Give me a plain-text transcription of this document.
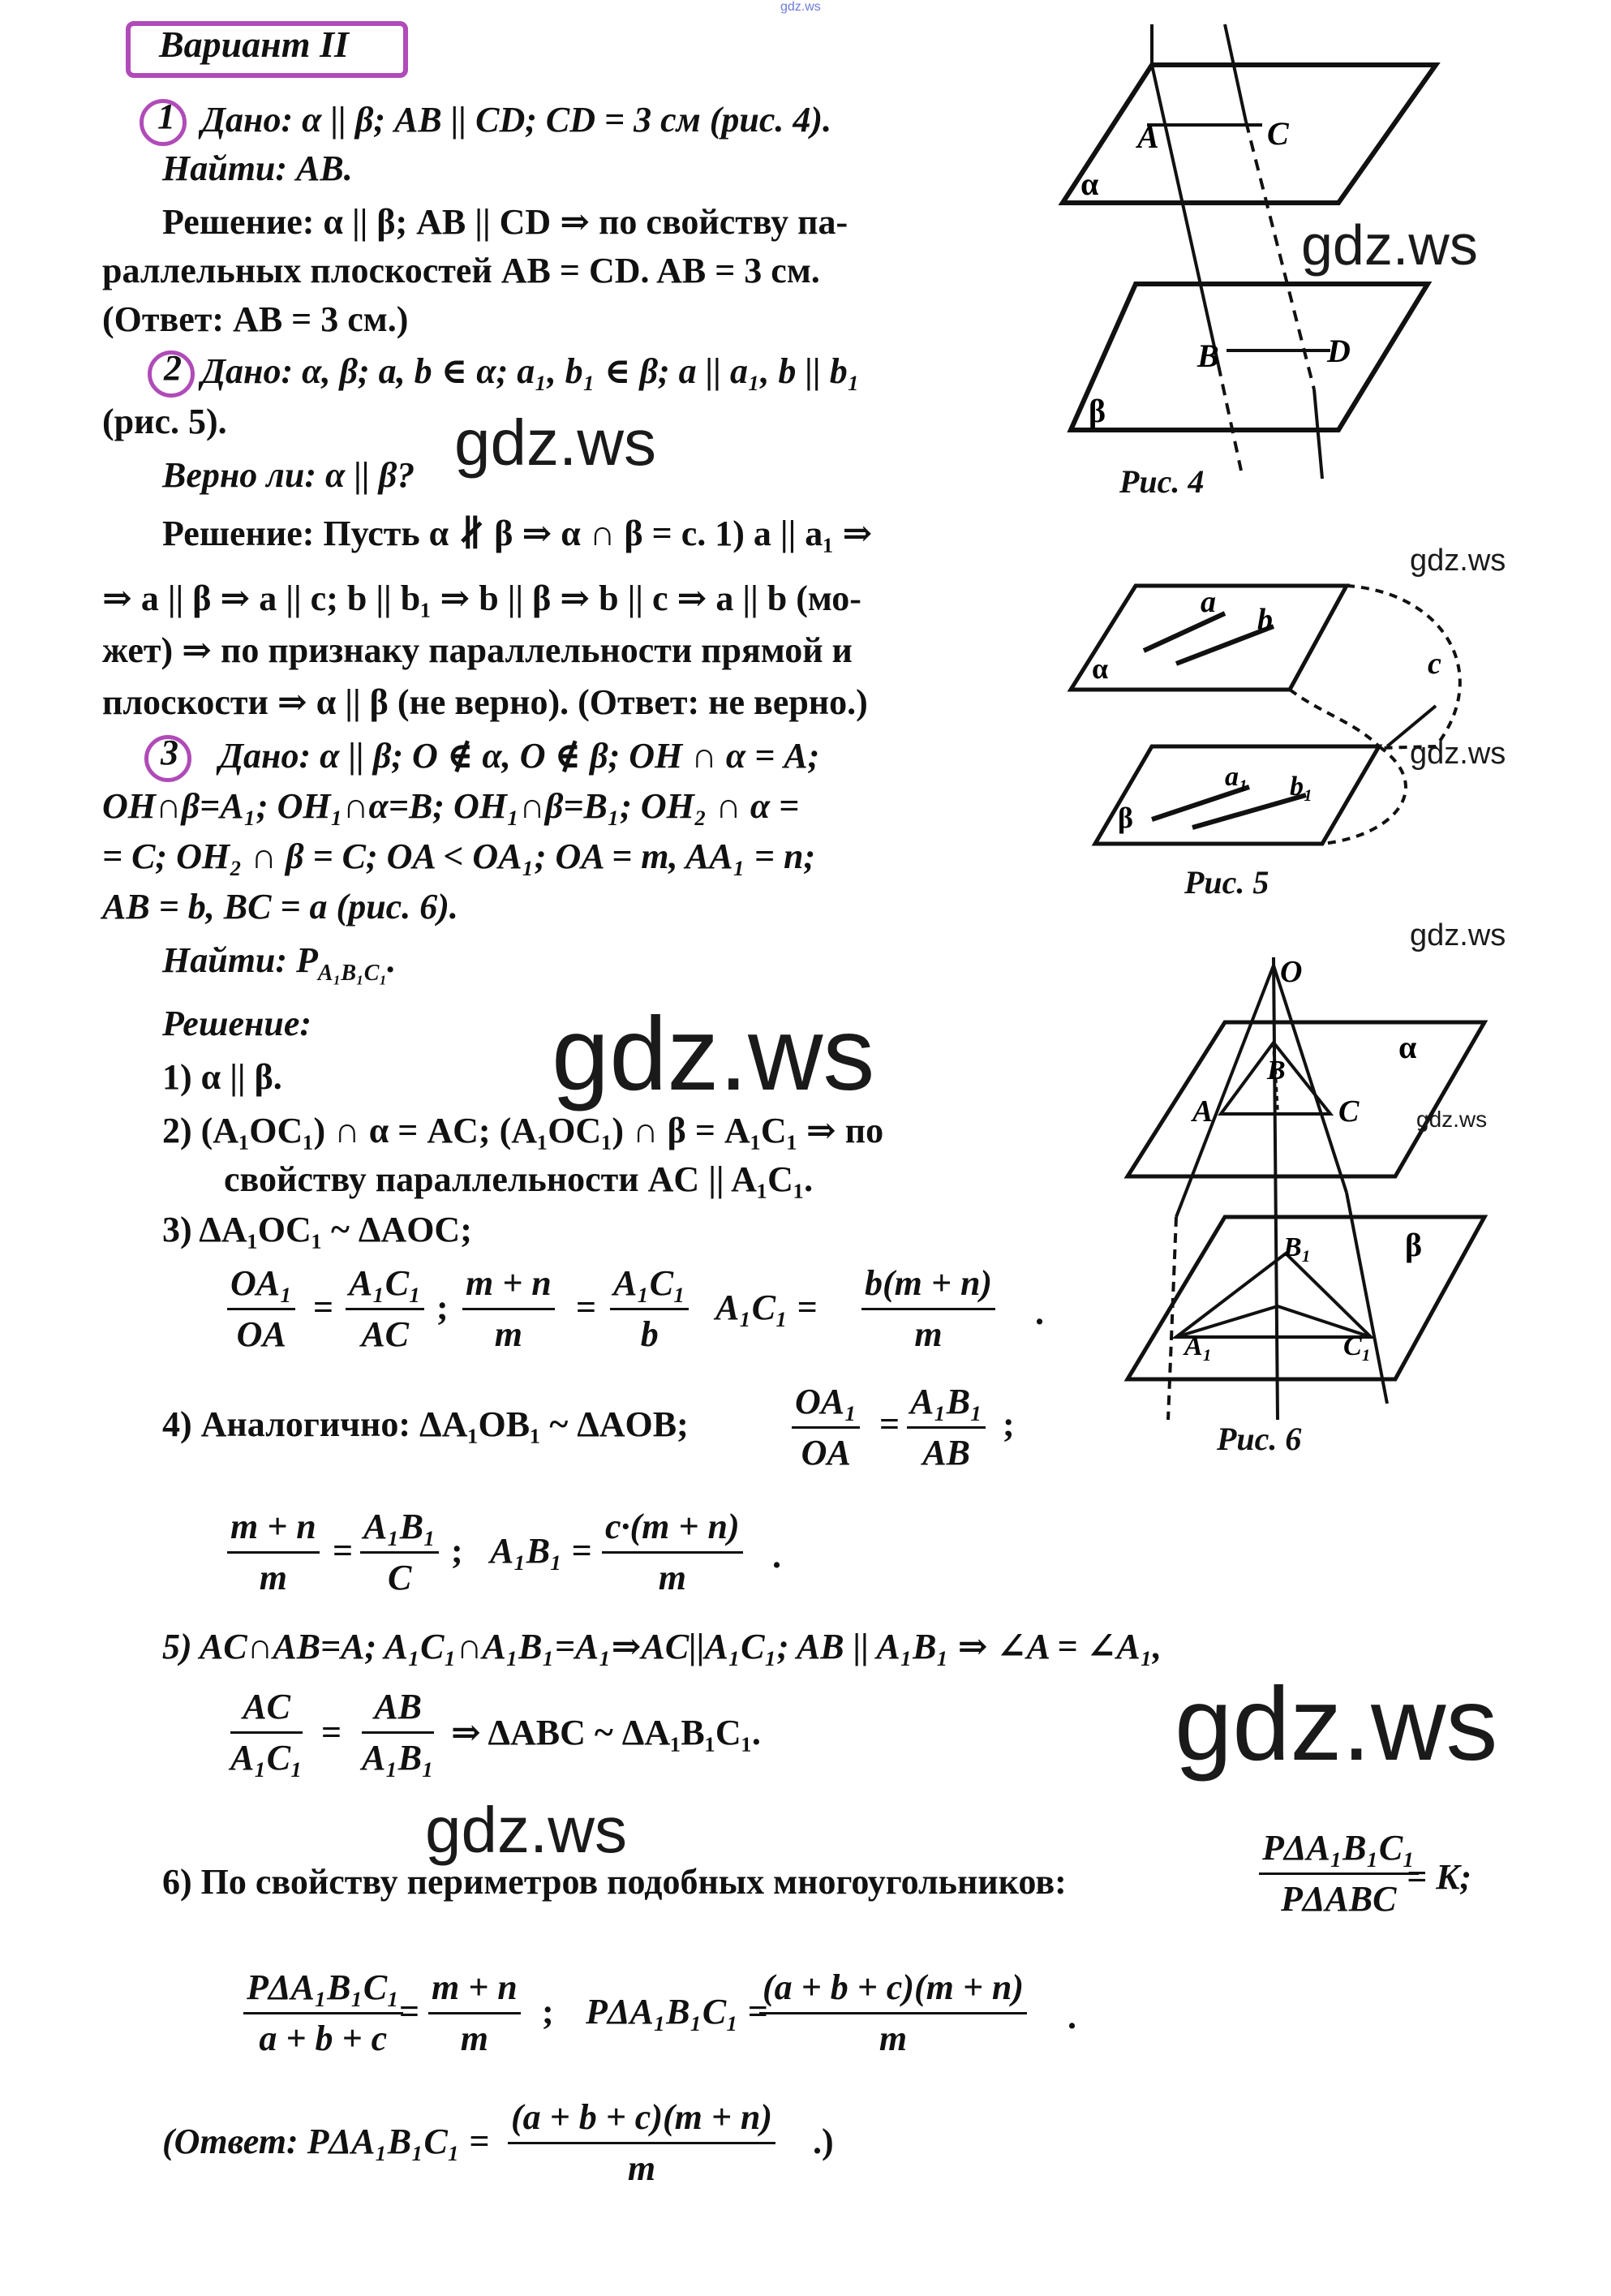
gdz.ws
Вариант II
1 Дано: α || β; AB || CD; CD = 3 см (рис. 4).
Найти: AB.
Решение: α || β; AB || CD ⇒ по свойству па-
раллельных плоскостей AB = CD. AB = 3 см.
(Ответ: AB = 3 см.)
2 Дано: α, β; a, b ∈ α; a₁, b₁ ∈ β; a || a₁, b || b₁
(рис. 5).
Верно ли: α || β?
Решение: Пусть α ∦ β ⇒ α ∩ β = c. 1) a || a₁ ⇒
⇒ a || β ⇒ a || c; b || b₁ ⇒ b || β ⇒ b || c ⇒ a || b (мо-
жет) ⇒ по признаку параллельности прямой и
плоскости ⇒ α || β (не верно). (Ответ: не верно.)
3 Дано: α || β; O ∉ α, O ∉ β; OH ∩ α = A;
OH∩β=A₁; OH₁∩α=B; OH₁∩β=B₁; OH₂ ∩ α =
= C; OH₂ ∩ β = C; OA < OA₁; OA = m, AA₁ = n;
AB = b, BC = a (рис. 6).
Найти: $P_{A_1B_1C_1}$.
Решение:
1) α || β.
2) (A₁OC₁) ∩ α = AC; (A₁OC₁) ∩ β = A₁C₁ ⇒ по
свойству параллельности AC || A₁C₁.
3) ΔA₁OC₁ ~ ΔAOC;
$\frac{\text{OA₁}}{OA} = \frac{\text{A₁C₁}}{AC}$ ; $\frac{m + n}{m} = \frac{\text{A₁C₁}}{b} A_1C_1 = \frac{b(m + n)}{m}$ .
4) Аналогично: ΔA₁OB₁ ~ ΔAOB;	$\frac{\text{OA₁}}{OA} = \frac{\text{A₁B₁}}{AB}$ ;
$\frac{m + n}{m} = \frac{\text{A₁B₁}}{C}$ ; $A_1B_1 = \frac{c\cdot(m + n)}{m}$ .
5) AC∩AB=A; A₁C₁∩A₁B₁=A₁⇒AC||A₁C₁; AB || A₁B₁ ⇒ ∠A = ∠A₁,
$\frac{AC}{\text{A₁C₁}} = \frac{AB}{\text{A₁B₁}}$ ⇒ ΔABC ~ ΔA₁B₁C₁.
6) По свойству периметров подобных многоугольников:
PΔA₁B₁C₁
PΔABC
= K;
PΔA₁B₁C₁
a + b + c
= $\frac{m + n}{m}$ ; PΔA₁B₁C₁ =
$\frac{(a + b + c)(m + n)}{m}$ .
(Ответ: $P\Delta A_1B_1C_1 = \frac{(a + b + c)(m + n)}{m}$ .)
A	C
B	D
α
β
Рис. 4
a
b
a₁ b₁
c
α
β
Рис. 5
O
A
B
C
A₁
B₁
C₁
α
β
Рис. 6
gdz.ws
gdz.ws
gdz.ws
gdz.ws
gdz.ws
gdz.ws
gdz.ws
gdz.ws
gdz.ws
